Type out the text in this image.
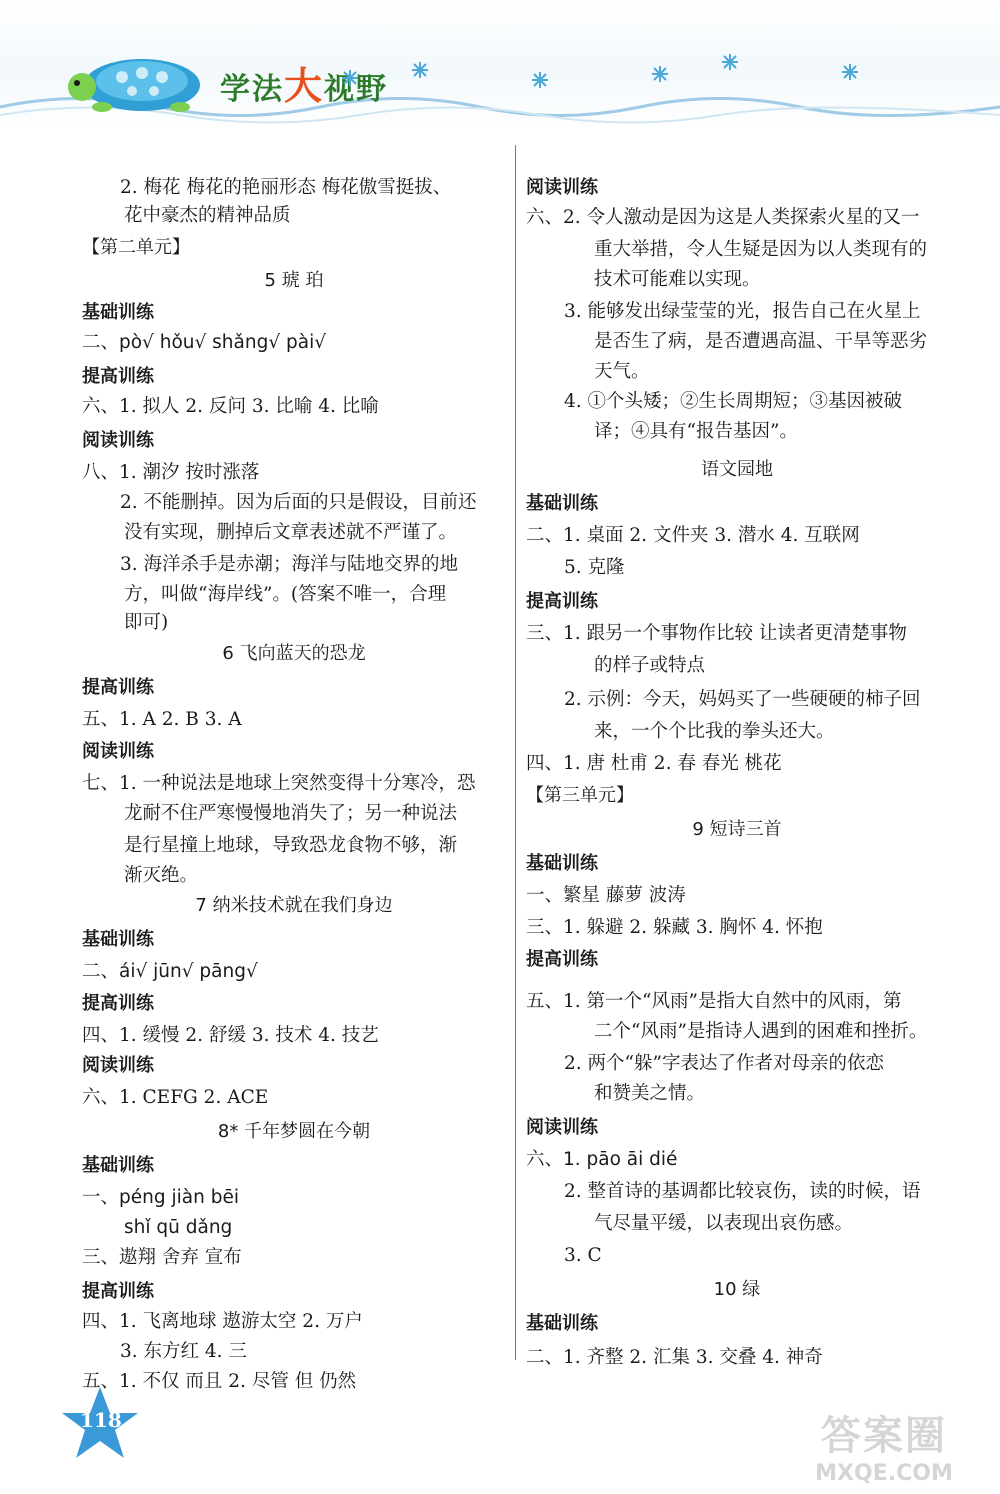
学法大视野
2. 梅花 梅花的艳丽形态 梅花傲雪挺拔、
花中豪杰的精神品质
【第二单元】
5 琥 珀
基础训练
二、pò√ hǒu√ shǎng√ pài√
提高训练
六、1. 拟人 2. 反问 3. 比喻 4. 比喻
阅读训练
八、1. 潮汐 按时涨落
2. 不能删掉。因为后面的只是假设，目前还
没有实现，删掉后文章表述就不严谨了。
3. 海洋杀手是赤潮；海洋与陆地交界的地
方，叫做“海岸线”。(答案不唯一，合理
即可)
6 飞向蓝天的恐龙
提高训练
五、1. A 2. B 3. A
阅读训练
七、1. 一种说法是地球上突然变得十分寒冷，恐
龙耐不住严寒慢慢地消失了；另一种说法
是行星撞上地球，导致恐龙食物不够，渐
渐灭绝。
7 纳米技术就在我们身边
基础训练
二、ái√ jūn√ pāng√
提高训练
四、1. 缓慢 2. 舒缓 3. 技术 4. 技艺
阅读训练
六、1. CEFG 2. ACE
8* 千年梦圆在今朝
基础训练
一、péng jiàn bēi
shǐ qū dǎng
三、遨翔 舍弃 宣布
提高训练
四、1. 飞离地球 遨游太空 2. 万户
3. 东方红 4. 三
五、1. 不仅 而且 2. 尽管 但 仍然
阅读训练
六、2. 令人激动是因为这是人类探索火星的又一
重大举措，令人生疑是因为以人类现有的
技术可能难以实现。
3. 能够发出绿莹莹的光，报告自己在火星上
是否生了病，是否遭遇高温、干旱等恶劣
天气。
4. ①个头矮；②生长周期短；③基因被破
译；④具有“报告基因”。
语文园地
基础训练
二、1. 桌面 2. 文件夹 3. 潜水 4. 互联网
5. 克隆
提高训练
三、1. 跟另一个事物作比较 让读者更清楚事物
的样子或特点
2. 示例：今天，妈妈买了一些硬硬的柿子回
来，一个个比我的拳头还大。
四、1. 唐 杜甫 2. 春 春光 桃花
【第三单元】
9 短诗三首
基础训练
一、繁星 藤萝 波涛
三、1. 躲避 2. 躲藏 3. 胸怀 4. 怀抱
提高训练
五、1. 第一个“风雨”是指大自然中的风雨，第
二个“风雨”是指诗人遇到的困难和挫折。
2. 两个“躲”字表达了作者对母亲的依恋
和赞美之情。
阅读训练
六、1. pāo āi dié
2. 整首诗的基调都比较哀伤，读的时候，语
气尽量平缓，以表现出哀伤感。
3. C
10 绿
基础训练
二、1. 齐整 2. 汇集 3. 交叠 4. 神奇
118	答案圈
MXQE.COM
